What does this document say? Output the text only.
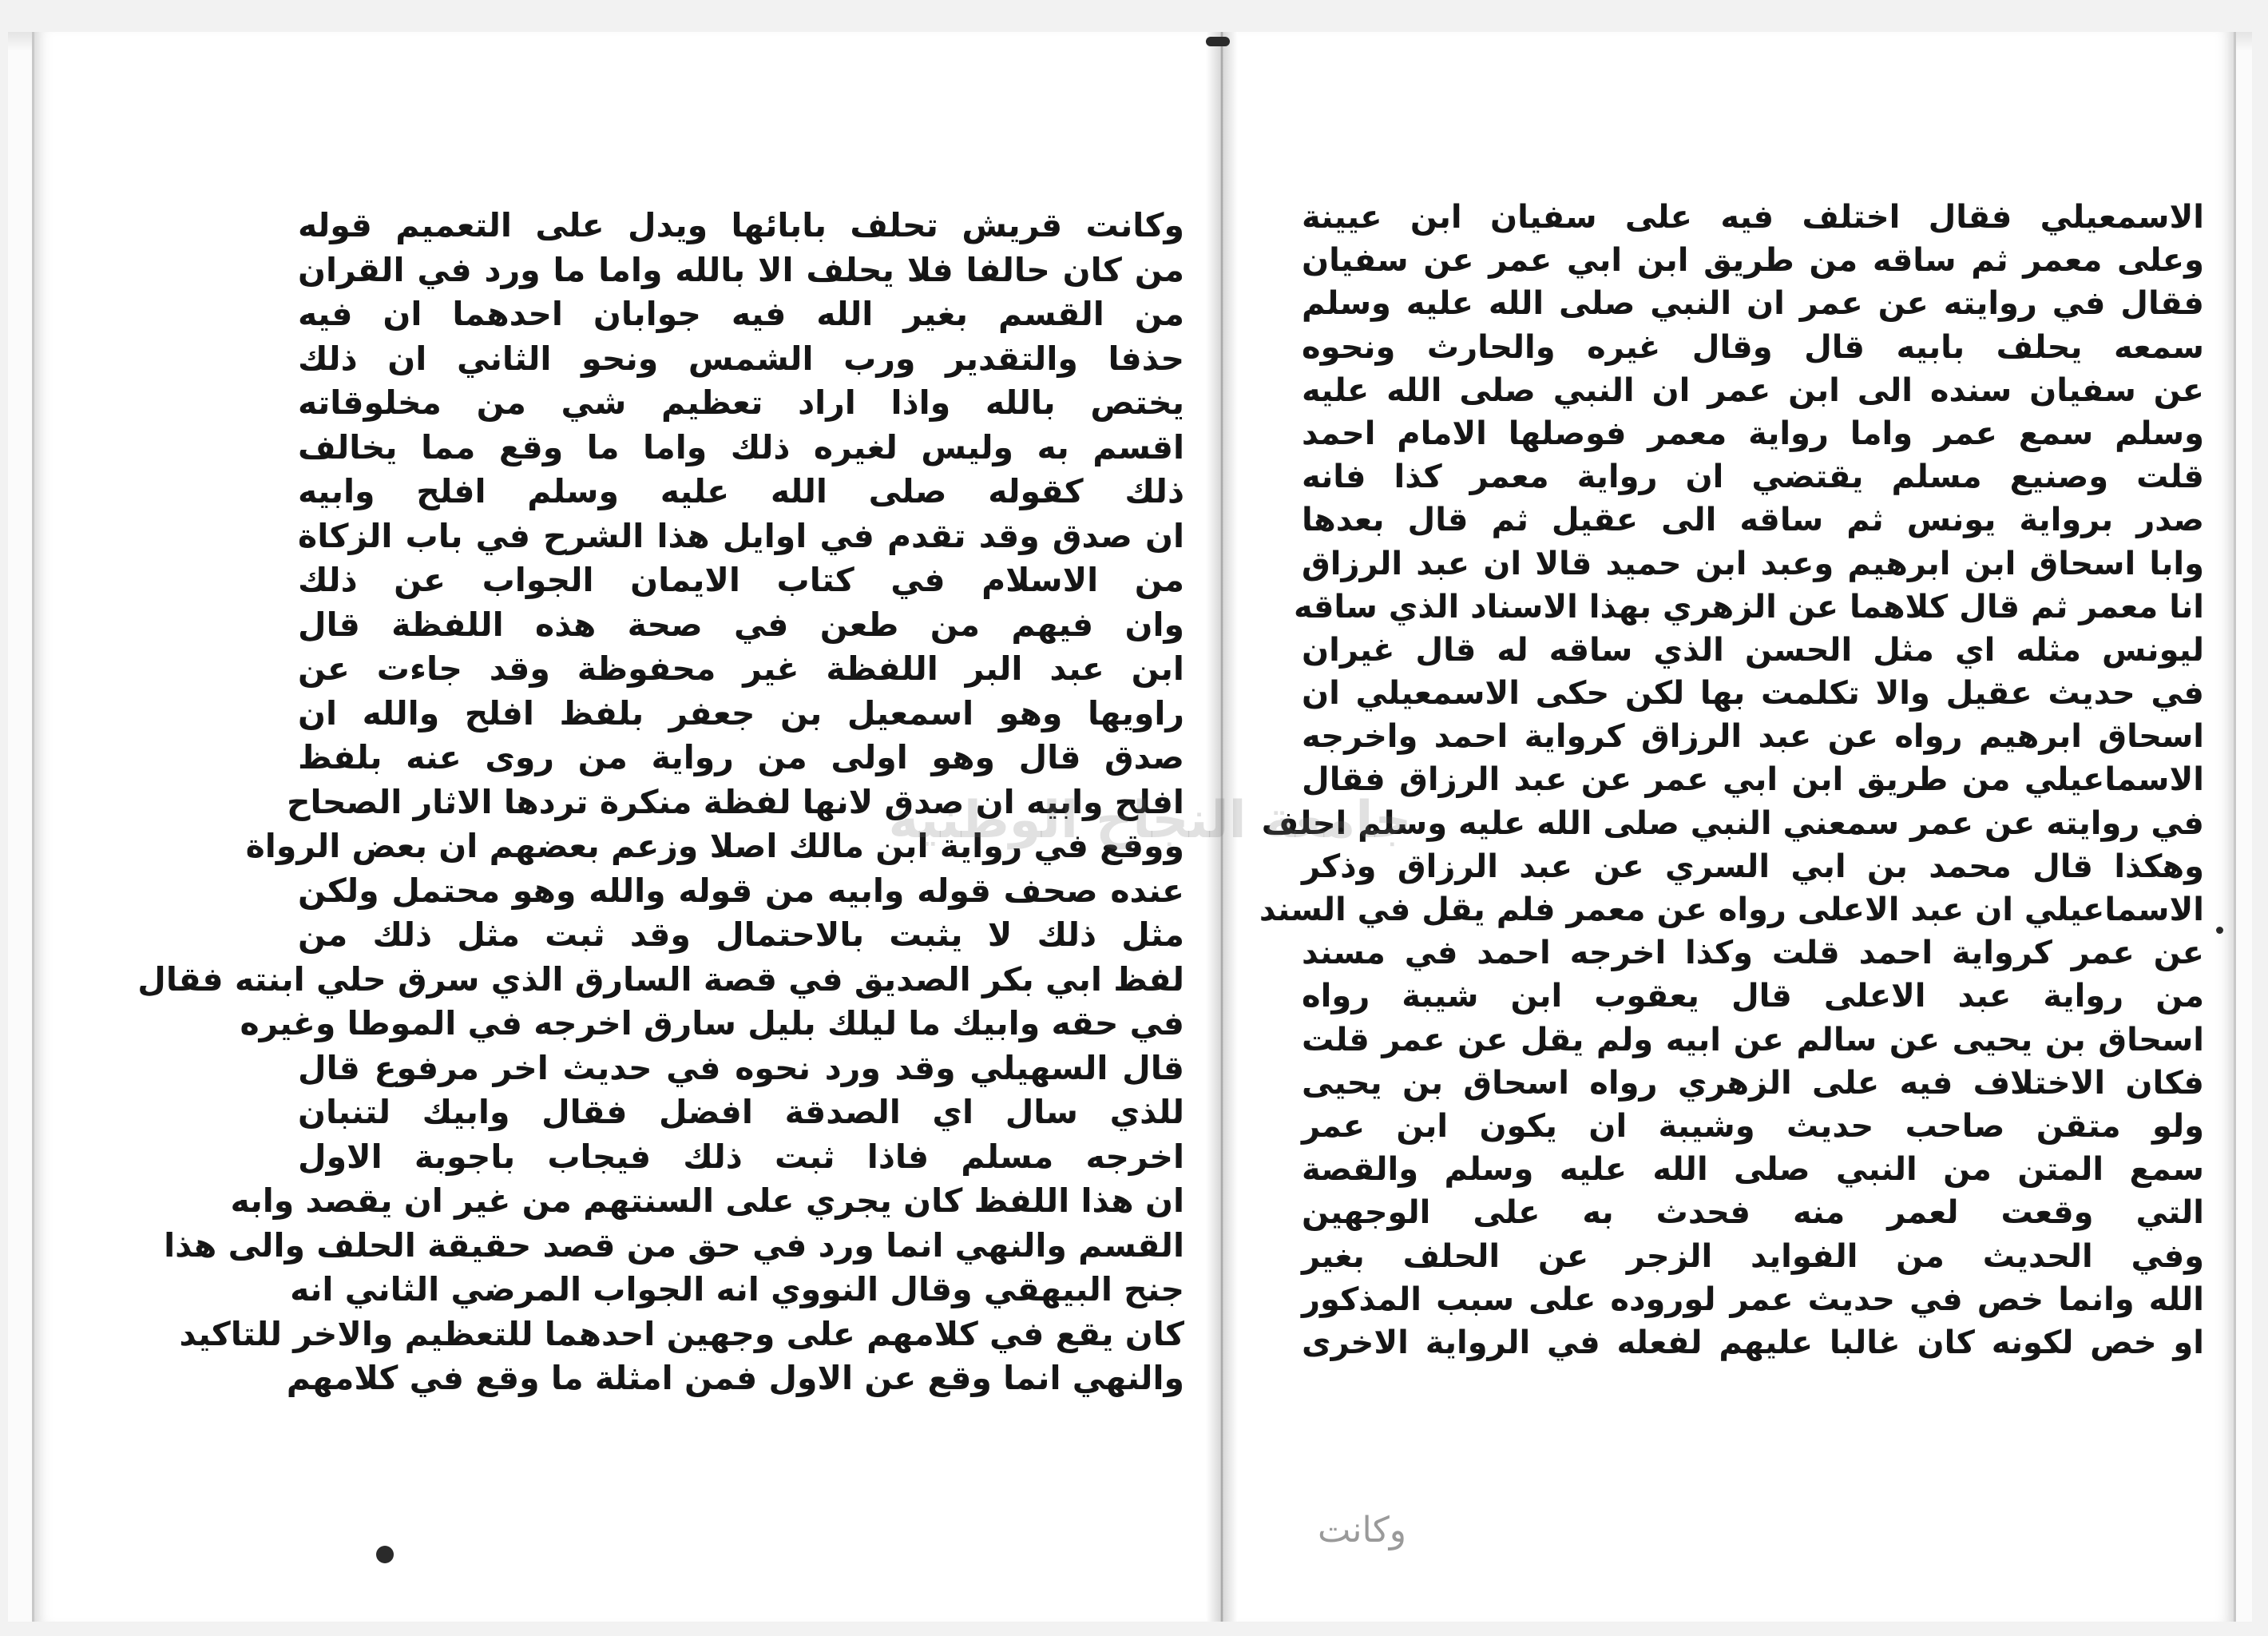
وكانت قريش تحلف بابائها ويدل على التعميم قوله
من كان حالفا فلا يحلف الا بالله واما ما ورد في القران
من القسم بغير الله فيه جوابان احدهما ان فيه
حذفا والتقدير ورب الشمس ونحو الثاني ان ذلك
يختص بالله واذا اراد تعظيم شي من مخلوقاته
اقسم به وليس لغيره ذلك واما ما وقع مما يخالف
ذلك كقوله صلى الله عليه وسلم افلح وابيه
ان صدق وقد تقدم في اوايل هذا الشرح في باب الزكاة
من الاسلام في كتاب الايمان الجواب عن ذلك
وان فيهم من طعن في صحة هذه اللفظة قال
ابن عبد البر اللفظة غير محفوظة وقد جاءت عن
راويها وهو اسمعيل بن جعفر بلفظ افلح والله ان
صدق قال وهو اولى من رواية من روى عنه بلفظ
افلح وابيه ان صدق لانها لفظة منكرة تردها الاثار الصحاح
ووقع في رواية ابن مالك اصلا وزعم بعضهم ان بعض الرواة
عنده صحف قوله وابيه من قوله والله وهو محتمل ولكن
مثل ذلك لا يثبت بالاحتمال وقد ثبت مثل ذلك من
لفظ ابي بكر الصديق في قصة السارق الذي سرق حلي ابنته فقال
في حقه وابيك ما ليلك بليل سارق اخرجه في الموطا وغيره
قال السهيلي وقد ورد نحوه في حديث اخر مرفوع قال
للذي سال اي الصدقة افضل فقال وابيك لتنبان
اخرجه مسلم فاذا ثبت ذلك فيجاب باجوبة الاول
ان هذا اللفظ كان يجري على السنتهم من غير ان يقصد وابه
القسم والنهي انما ورد في حق من قصد حقيقة الحلف والى هذا
جنح البيهقي وقال النووي انه الجواب المرضي الثاني انه
كان يقع في كلامهم على وجهين احدهما للتعظيم والاخر للتاكيد
والنهي انما وقع عن الاول فمن امثلة ما وقع في كلامهم
الاسمعيلي فقال اختلف فيه على سفيان ابن عيينة
وعلى معمر ثم ساقه من طريق ابن ابي عمر عن سفيان
فقال في روايته عن عمر ان النبي صلى الله عليه وسلم
سمعه يحلف بابيه قال وقال غيره والحارث ونحوه
عن سفيان سنده الى ابن عمر ان النبي صلى الله عليه
وسلم سمع عمر واما رواية معمر فوصلها الامام احمد
قلت وصنيع مسلم يقتضي ان رواية معمر كذا فانه
صدر برواية يونس ثم ساقه الى عقيل ثم قال بعدها
وابا اسحاق ابن ابرهيم وعبد ابن حميد قالا ان عبد الرزاق
انا معمر ثم قال كلاهما عن الزهري بهذا الاسناد الذي ساقه
ليونس مثله اي مثل الحسن الذي ساقه له قال غيران
في حديث عقيل والا تكلمت بها لكن حكى الاسمعيلي ان
اسحاق ابرهيم رواه عن عبد الرزاق كرواية احمد واخرجه
الاسماعيلي من طريق ابن ابي عمر عن عبد الرزاق فقال
في روايته عن عمر سمعني النبي صلى الله عليه وسلم احلف
وهكذا قال محمد بن ابي السري عن عبد الرزاق وذكر
الاسماعيلي ان عبد الاعلى رواه عن معمر فلم يقل في السند
عن عمر كرواية احمد قلت وكذا اخرجه احمد في مسند
من رواية عبد الاعلى قال يعقوب ابن شيبة رواه
اسحاق بن يحيى عن سالم عن ابيه ولم يقل عن عمر قلت
فكان الاختلاف فيه على الزهري رواه اسحاق بن يحيى
ولو متقن صاحب حديث وشيبة ان يكون ابن عمر
سمع المتن من النبي صلى الله عليه وسلم والقصة
التي وقعت لعمر منه فحدث به على الوجهين
وفي الحديث من الفوايد الزجر عن الحلف بغير
الله وانما خص في حديث عمر لوروده على سبب المذكور
او خص لكونه كان غالبا عليهم لفعله في الرواية الاخرى
وكانت
جامعة النجاح الوطنية
